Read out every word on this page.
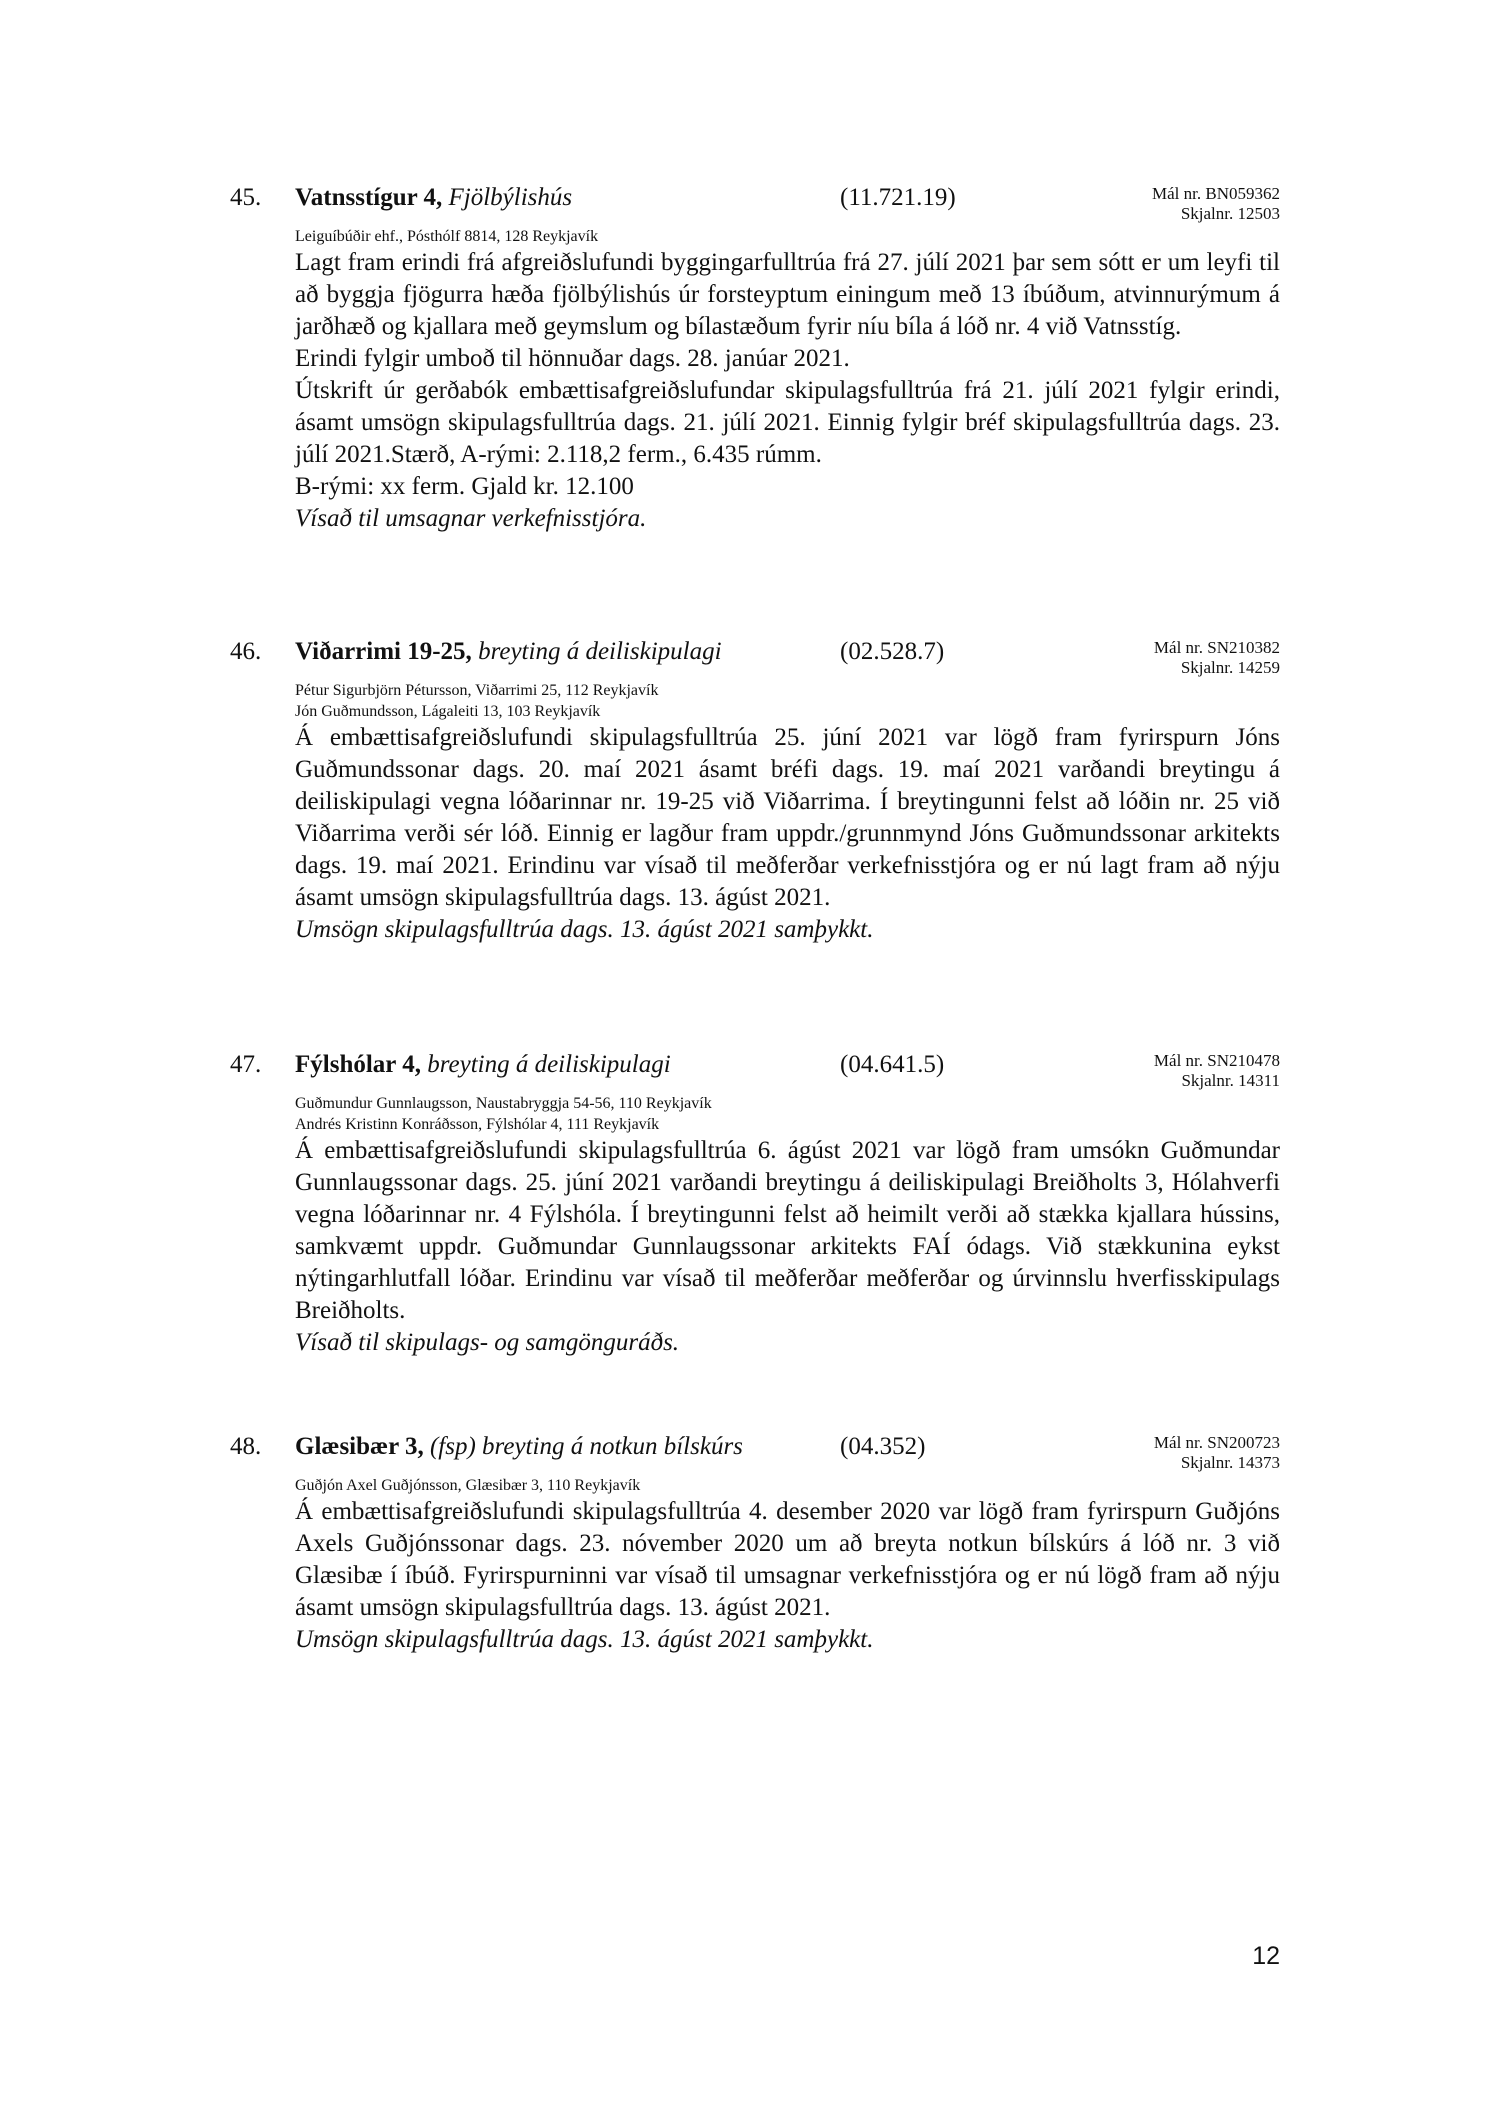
45. Vatnsstígur 4, Fjölbýlishús	(11.721.19)	Mál nr. BN059362
Skjalnr. 12503
Leiguíbúðir ehf., Pósthólf 8814, 128 Reykjavík

Lagt fram erindi frá afgreiðslufundi byggingarfulltrúa frá 27. júlí 2021 þar sem sótt er um leyfi til að byggja fjögurra hæða fjölbýlishús úr forsteyptum einingum með 13 íbúðum, atvinnurýmum á jarðhæð og kjallara með geymslum og bílastæðum fyrir níu bíla á lóð nr. 4 við Vatnsstíg.

Erindi fylgir umboð til hönnuðar dags. 28. janúar 2021.

Útskrift úr gerðabók embættisafgreiðslufundar skipulagsfulltrúa frá 21. júlí 2021 fylgir erindi, ásamt umsögn skipulagsfulltrúa dags. 21. júlí 2021. Einnig fylgir bréf skipulagsfulltrúa dags. 23. júlí 2021.Stærð, A-rými: 2.118,2 ferm., 6.435 rúmm.

B-rými: xx ferm. Gjald kr. 12.100

Vísað til umsagnar verkefnisstjóra.

46. Viðarrimi 19-25, breyting á deiliskipulagi	(02.528.7)	Mál nr. SN210382
Skjalnr. 14259
Pétur Sigurbjörn Pétursson, Viðarrimi 25, 112 Reykjavík
Jón Guðmundsson, Lágaleiti 13, 103 Reykjavík

Á embættisafgreiðslufundi skipulagsfulltrúa 25. júní 2021 var lögð fram fyrirspurn Jóns Guðmundssonar dags. 20. maí 2021 ásamt bréfi dags. 19. maí 2021 varðandi breytingu á deiliskipulagi vegna lóðarinnar nr. 19-25 við Viðarrima. Í breytingunni felst að lóðin nr. 25 við Viðarrima verði sér lóð. Einnig er lagður fram uppdr./grunnmynd Jóns Guðmundssonar arkitekts dags. 19. maí 2021. Erindinu var vísað til meðferðar verkefnisstjóra og er nú lagt fram að nýju ásamt umsögn skipulagsfulltrúa dags. 13. ágúst 2021.

Umsögn skipulagsfulltrúa dags. 13. ágúst 2021 samþykkt.

47. Fýlshólar 4, breyting á deiliskipulagi	(04.641.5)	Mál nr. SN210478
Skjalnr. 14311
Guðmundur Gunnlaugsson, Naustabryggja 54-56, 110 Reykjavík
Andrés Kristinn Konráðsson, Fýlshólar 4, 111 Reykjavík

Á embættisafgreiðslufundi skipulagsfulltrúa 6. ágúst 2021 var lögð fram umsókn Guðmundar Gunnlaugssonar dags. 25. júní 2021 varðandi breytingu á deiliskipulagi Breiðholts 3, Hólahverfi vegna lóðarinnar nr. 4 Fýlshóla. Í breytingunni felst að heimilt verði að stækka kjallara hússins, samkvæmt uppdr. Guðmundar Gunnlaugssonar arkitekts FAÍ ódags. Við stækkunina eykst nýtingarhlutfall lóðar. Erindinu var vísað til meðferðar meðferðar og úrvinnslu hverfisskipulags Breiðholts.

Vísað til skipulags- og samgönguráðs.

48. Glæsibær 3, (fsp) breyting á notkun bílskúrs	(04.352)	Mál nr. SN200723
Skjalnr. 14373
Guðjón Axel Guðjónsson, Glæsibær 3, 110 Reykjavík

Á embættisafgreiðslufundi skipulagsfulltrúa 4. desember 2020 var lögð fram fyrirspurn Guðjóns Axels Guðjónssonar dags. 23. nóvember 2020 um að breyta notkun bílskúrs á lóð nr. 3 við Glæsibæ í íbúð. Fyrirspurninni var vísað til umsagnar verkefnisstjóra og er nú lögð fram að nýju ásamt umsögn skipulagsfulltrúa dags. 13. ágúst 2021.

Umsögn skipulagsfulltrúa dags. 13. ágúst 2021 samþykkt.

12
